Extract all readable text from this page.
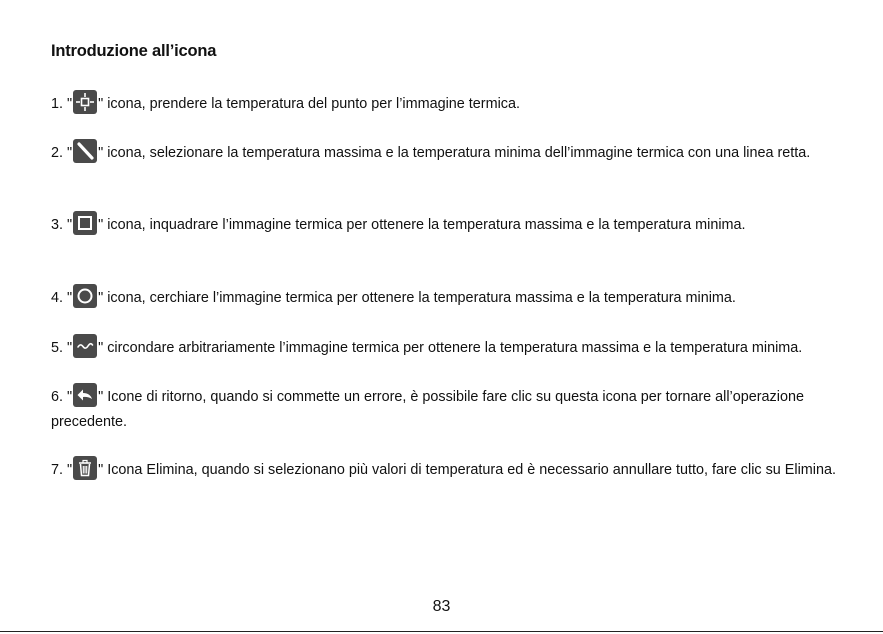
Introduzione all’icona
1. " " icona, prendere la temperatura del punto per l’immagine termica.
2. " " icona, selezionare la temperatura massima e la temperatura minima dell’immagine termica con una linea retta.
3. " " icona, inquadrare l’immagine termica per ottenere la temperatura massima e la temperatura minima.
4. " " icona, cerchiare l’immagine termica per ottenere la temperatura massima e la temperatura minima.
5. " " circondare arbitrariamente l’immagine termica per ottenere la temperatura massima e la temperatura minima.
6. " " Icone di ritorno, quando si commette un errore, è possibile fare clic su questa icona per tornare all’operazione precedente.
7. " " Icona Elimina, quando si selezionano più valori di temperatura ed è necessario annullare tutto, fare clic su Elimina.
83
